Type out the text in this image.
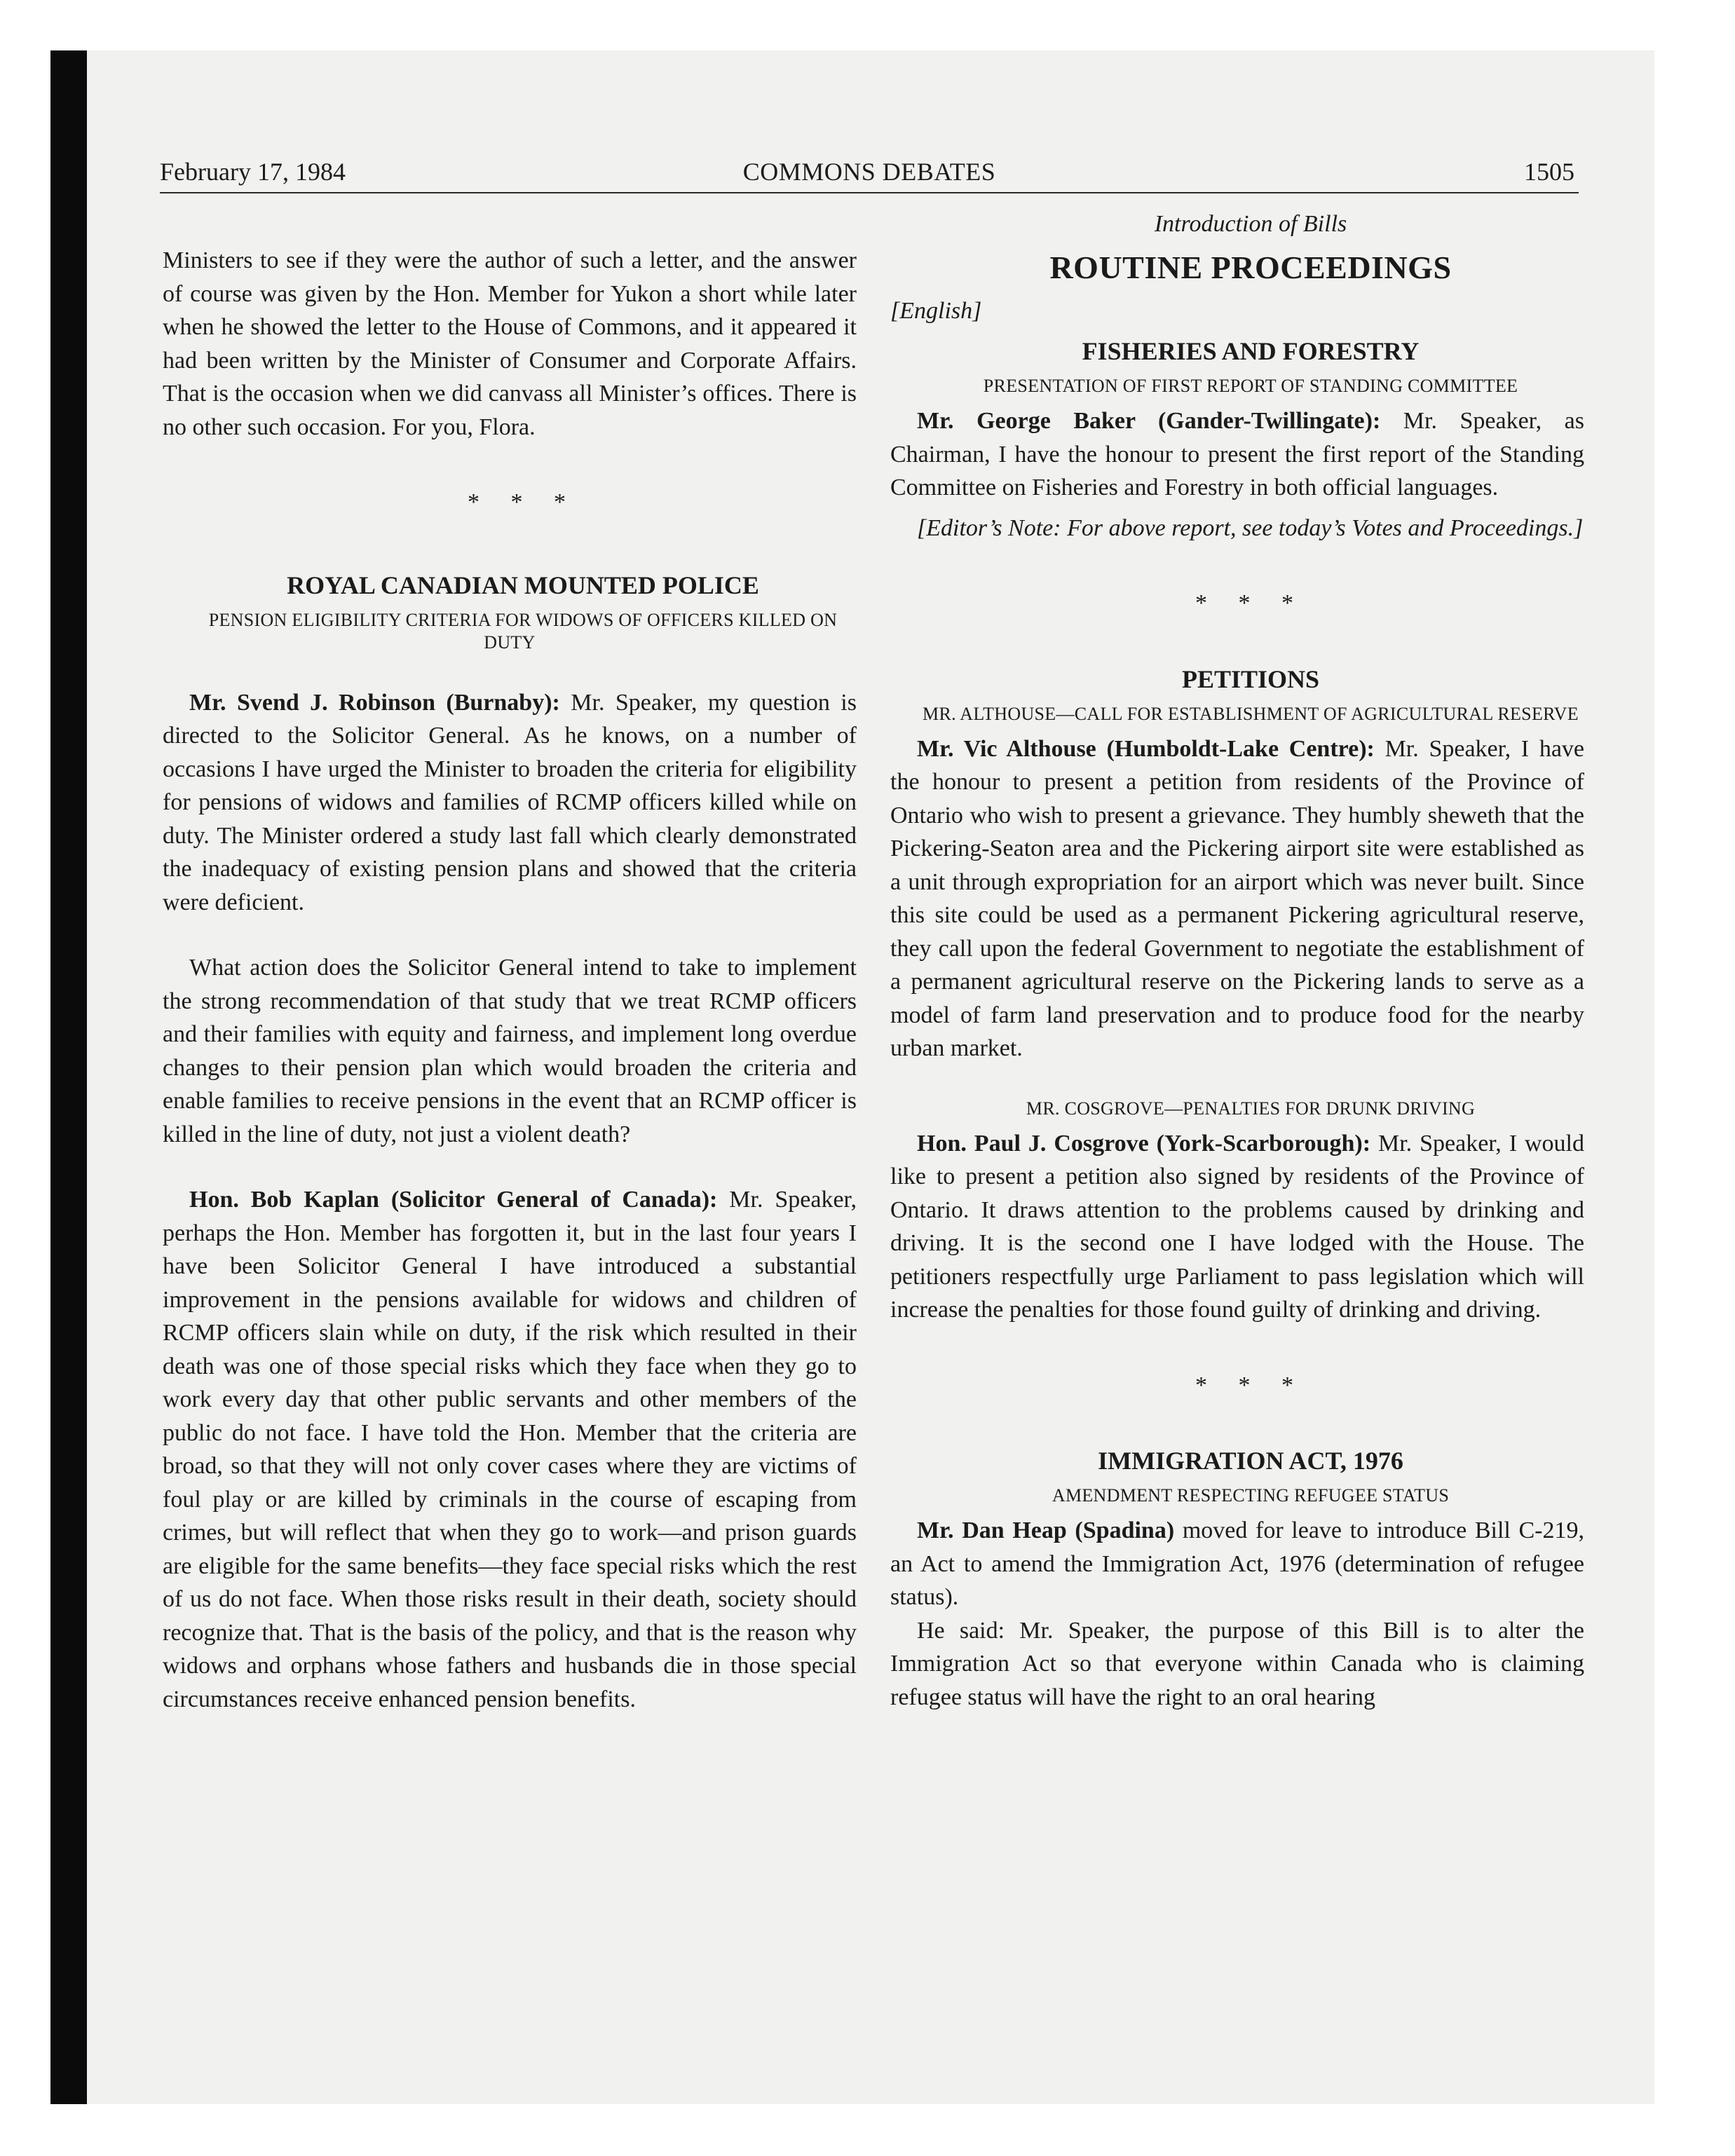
February 17, 1984	COMMONS DEBATES	1505

Ministers to see if they were the author of such a letter, and the answer of course was given by the Hon. Member for Yukon a short while later when he showed the letter to the House of Commons, and it appeared it had been written by the Minister of Consumer and Corporate Affairs. That is the occasion when we did canvass all Minister’s offices. There is no other such occasion. For you, Flora.

* * *

ROYAL CANADIAN MOUNTED POLICE

PENSION ELIGIBILITY CRITERIA FOR WIDOWS OF OFFICERS KILLED ON DUTY

Mr. Svend J. Robinson (Burnaby): Mr. Speaker, my question is directed to the Solicitor General. As he knows, on a number of occasions I have urged the Minister to broaden the criteria for eligibility for pensions of widows and families of RCMP officers killed while on duty. The Minister ordered a study last fall which clearly demonstrated the inadequacy of existing pension plans and showed that the criteria were deficient.

What action does the Solicitor General intend to take to implement the strong recommendation of that study that we treat RCMP officers and their families with equity and fairness, and implement long overdue changes to their pension plan which would broaden the criteria and enable families to receive pensions in the event that an RCMP officer is killed in the line of duty, not just a violent death?

Hon. Bob Kaplan (Solicitor General of Canada): Mr. Speaker, perhaps the Hon. Member has forgotten it, but in the last four years I have been Solicitor General I have introduced a substantial improvement in the pensions available for widows and children of RCMP officers slain while on duty, if the risk which resulted in their death was one of those special risks which they face when they go to work every day that other public servants and other members of the public do not face. I have told the Hon. Member that the criteria are broad, so that they will not only cover cases where they are victims of foul play or are killed by criminals in the course of escaping from crimes, but will reflect that when they go to work—and prison guards are eligible for the same benefits—they face special risks which the rest of us do not face. When those risks result in their death, society should recognize that. That is the basis of the policy, and that is the reason why widows and orphans whose fathers and husbands die in those special circumstances receive enhanced pension benefits.

Introduction of Bills

ROUTINE PROCEEDINGS

[English]

FISHERIES AND FORESTRY

PRESENTATION OF FIRST REPORT OF STANDING COMMITTEE

Mr. George Baker (Gander-Twillingate): Mr. Speaker, as Chairman, I have the honour to present the first report of the Standing Committee on Fisheries and Forestry in both official languages.

[Editor’s Note: For above report, see today’s Votes and Proceedings.]

* * *

PETITIONS

MR. ALTHOUSE—CALL FOR ESTABLISHMENT OF AGRICULTURAL RESERVE

Mr. Vic Althouse (Humboldt-Lake Centre): Mr. Speaker, I have the honour to present a petition from residents of the Province of Ontario who wish to present a grievance. They humbly sheweth that the Pickering-Seaton area and the Pickering airport site were established as a unit through expropriation for an airport which was never built. Since this site could be used as a permanent Pickering agricultural reserve, they call upon the federal Government to negotiate the establishment of a permanent agricultural reserve on the Pickering lands to serve as a model of farm land preservation and to produce food for the nearby urban market.

MR. COSGROVE—PENALTIES FOR DRUNK DRIVING

Hon. Paul J. Cosgrove (York-Scarborough): Mr. Speaker, I would like to present a petition also signed by residents of the Province of Ontario. It draws attention to the problems caused by drinking and driving. It is the second one I have lodged with the House. The petitioners respectfully urge Parliament to pass legislation which will increase the penalties for those found guilty of drinking and driving.

* * *

IMMIGRATION ACT, 1976

AMENDMENT RESPECTING REFUGEE STATUS

Mr. Dan Heap (Spadina) moved for leave to introduce Bill C-219, an Act to amend the Immigration Act, 1976 (determination of refugee status).

He said: Mr. Speaker, the purpose of this Bill is to alter the Immigration Act so that everyone within Canada who is claiming refugee status will have the right to an oral hearing
